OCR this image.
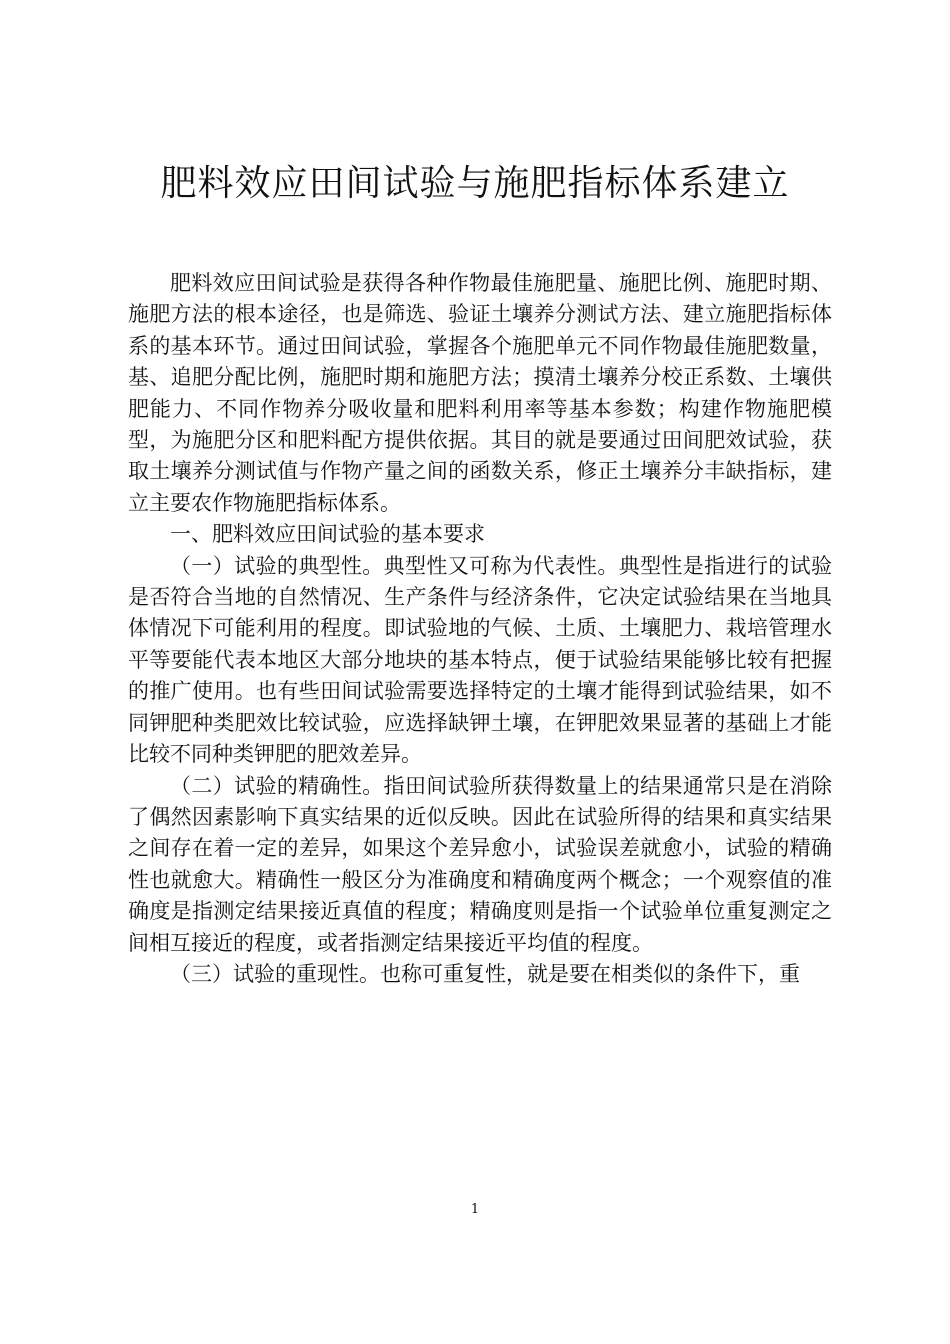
肥料效应田间试验与施肥指标体系建立

肥料效应田间试验是获得各种作物最佳施肥量、施肥比例、施肥时期、施肥方法的根本途径，也是筛选、验证土壤养分测试方法、建立施肥指标体系的基本环节。通过田间试验，掌握各个施肥单元不同作物最佳施肥数量，基、追肥分配比例，施肥时期和施肥方法；摸清土壤养分校正系数、土壤供肥能力、不同作物养分吸收量和肥料利用率等基本参数；构建作物施肥模型，为施肥分区和肥料配方提供依据。其目的就是要通过田间肥效试验，获取土壤养分测试值与作物产量之间的函数关系，修正土壤养分丰缺指标，建立主要农作物施肥指标体系。

一、肥料效应田间试验的基本要求

（一）试验的典型性。典型性又可称为代表性。典型性是指进行的试验是否符合当地的自然情况、生产条件与经济条件，它决定试验结果在当地具体情况下可能利用的程度。即试验地的气候、土质、土壤肥力、栽培管理水平等要能代表本地区大部分地块的基本特点，便于试验结果能够比较有把握的推广使用。也有些田间试验需要选择特定的土壤才能得到试验结果，如不同钾肥种类肥效比较试验，应选择缺钾土壤，在钾肥效果显著的基础上才能比较不同种类钾肥的肥效差异。

（二）试验的精确性。指田间试验所获得数量上的结果通常只是在消除了偶然因素影响下真实结果的近似反映。因此在试验所得的结果和真实结果之间存在着一定的差异，如果这个差异愈小，试验误差就愈小，试验的精确性也就愈大。精确性一般区分为准确度和精确度两个概念；一个观察值的准确度是指测定结果接近真值的程度；精确度则是指一个试验单位重复测定之间相互接近的程度，或者指测定结果接近平均值的程度。

（三）试验的重现性。也称可重复性，就是要在相类似的条件下，重

1
